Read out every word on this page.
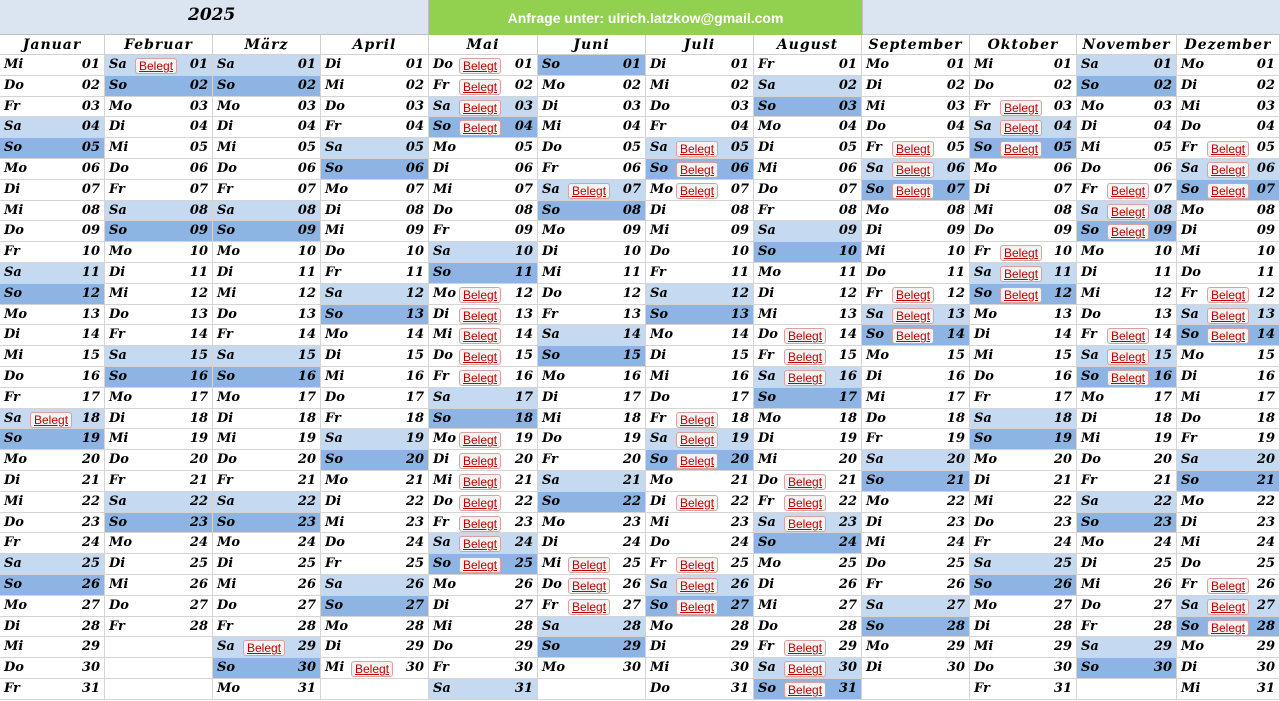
2025	Anfrage unter: ulrich.latzkow@gmail.com
Januar
Mi	01
Do	02
Fr	03
Sa	04
So	05
Mo	06
Di	07
Mi	08
Do	09
Fr	10
Sa	11
So	12
Mo	13
Di	14
Mi	15
Do	16
Fr	17
Sa	Belegt	18
So	19
Mo	20
Di	21
Mi	22
Do	23
Fr	24
Sa	25
So	26
Mo	27
Di	28
Mi	29
Do	30
Fr	31
Februar
Sa	Belegt	01
So	02
Mo	03
Di	04
Mi	05
Do	06
Fr	07
Sa	08
So	09
Mo	10
Di	11
Mi	12
Do	13
Fr	14
Sa	15
So	16
Mo	17
Di	18
Mi	19
Do	20
Fr	21
Sa	22
So	23
Mo	24
Di	25
Mi	26
Do	27
Fr	28
März
Sa	01
So	02
Mo	03
Di	04
Mi	05
Do	06
Fr	07
Sa	08
So	09
Mo	10
Di	11
Mi	12
Do	13
Fr	14
Sa	15
So	16
Mo	17
Di	18
Mi	19
Do	20
Fr	21
Sa	22
So	23
Mo	24
Di	25
Mi	26
Do	27
Fr	28
Sa	Belegt	29
So	30
Mo	31
April
Di	01
Mi	02
Do	03
Fr	04
Sa	05
So	06
Mo	07
Di	08
Mi	09
Do	10
Fr	11
Sa	12
So	13
Mo	14
Di	15
Mi	16
Do	17
Fr	18
Sa	19
So	20
Mo	21
Di	22
Mi	23
Do	24
Fr	25
Sa	26
So	27
Mo	28
Di	29
Mi Belegt	30
Mai
Do Belegt	01
Fr	Belegt	02
Sa	Belegt	03
So Belegt	04
Mo	05
Di	06
Mi	07
Do	08
Fr	09
Sa	10
So	11
Mo Belegt	12
Di	Belegt	13
Mi Belegt	14
Do Belegt	15
Fr	Belegt	16
Sa	17
So	18
Mo Belegt	19
Di	Belegt	20
Mi Belegt	21
Do Belegt	22
Fr	Belegt	23
Sa	Belegt	24
So Belegt	25
Mo	26
Di	27
Mi	28
Do	29
Fr	30
Sa	31
Juni
So	01
Mo	02
Di	03
Mi	04
Do	05
Fr	06
Sa	Belegt	07
So	08
Mo	09
Di	10
Mi	11
Do	12
Fr	13
Sa	14
So	15
Mo	16
Di	17
Mi	18
Do	19
Fr	20
Sa	21
So	22
Mo	23
Di	24
Mi Belegt	25
Do Belegt	26
Fr	Belegt	27
Sa	28
So	29
Mo	30
Juli
Di	01
Mi	02
Do	03
Fr	04
Sa	Belegt	05
So Belegt	06
Mo Belegt	07
Di	08
Mi	09
Do	10
Fr	11
Sa	12
So	13
Mo	14
Di	15
Mi	16
Do	17
Fr	Belegt	18
Sa	Belegt	19
So Belegt	20
Mo	21
Di	Belegt	22
Mi	23
Do	24
Fr	Belegt	25
Sa	Belegt	26
So Belegt	27
Mo	28
Di	29
Mi	30
Do	31
August
Fr	01
Sa	02
So	03
Mo	04
Di	05
Mi	06
Do	07
Fr	08
Sa	09
So	10
Mo	11
Di	12
Mi	13
Do Belegt	14
Fr	Belegt	15
Sa	Belegt	16
So	17
Mo	18
Di	19
Mi	20
Do Belegt	21
Fr	Belegt	22
Sa	Belegt	23
So	24
Mo	25
Di	26
Mi	27
Do	28
Fr	Belegt	29
Sa	Belegt	30
So Belegt	31
September
Mo	01
Di	02
Mi	03
Do	04
Fr	Belegt	05
Sa	Belegt	06
So Belegt	07
Mo	08
Di	09
Mi	10
Do	11
Fr	Belegt	12
Sa	Belegt	13
So Belegt	14
Mo	15
Di	16
Mi	17
Do	18
Fr	19
Sa	20
So	21
Mo	22
Di	23
Mi	24
Do	25
Fr	26
Sa	27
So	28
Mo	29
Di	30
Oktober
Mi	01
Do	02
Fr	Belegt	03
Sa	Belegt	04
So Belegt	05
Mo	06
Di	07
Mi	08
Do	09
Fr	Belegt	10
Sa	Belegt	11
So Belegt	12
Mo	13
Di	14
Mi	15
Do	16
Fr	17
Sa	18
So	19
Mo	20
Di	21
Mi	22
Do	23
Fr	24
Sa	25
So	26
Mo	27
Di	28
Mi	29
Do	30
Fr	31
November
Sa	01
So	02
Mo	03
Di	04
Mi	05
Do	06
Fr	Belegt 07
Sa	Belegt 08
So Belegt 09
Mo	10
Di	11
Mi	12
Do	13
Fr	Belegt 14
Sa	Belegt 15
So Belegt 16
Mo	17
Di	18
Mi	19
Do	20
Fr	21
Sa	22
So	23
Mo	24
Di	25
Mi	26
Do	27
Fr	28
Sa	29
So	30
Dezember
Mo	01
Di	02
Mi	03
Do	04
Fr	Belegt 05
Sa	Belegt 06
So Belegt 07
Mo	08
Di	09
Mi	10
Do	11
Fr	Belegt 12
Sa	Belegt 13
So Belegt 14
Mo	15
Di	16
Mi	17
Do	18
Fr	19
Sa	20
So	21
Mo	22
Di	23
Mi	24
Do	25
Fr	Belegt 26
Sa	Belegt 27
So Belegt 28
Mo	29
Di	30
Mi	31
